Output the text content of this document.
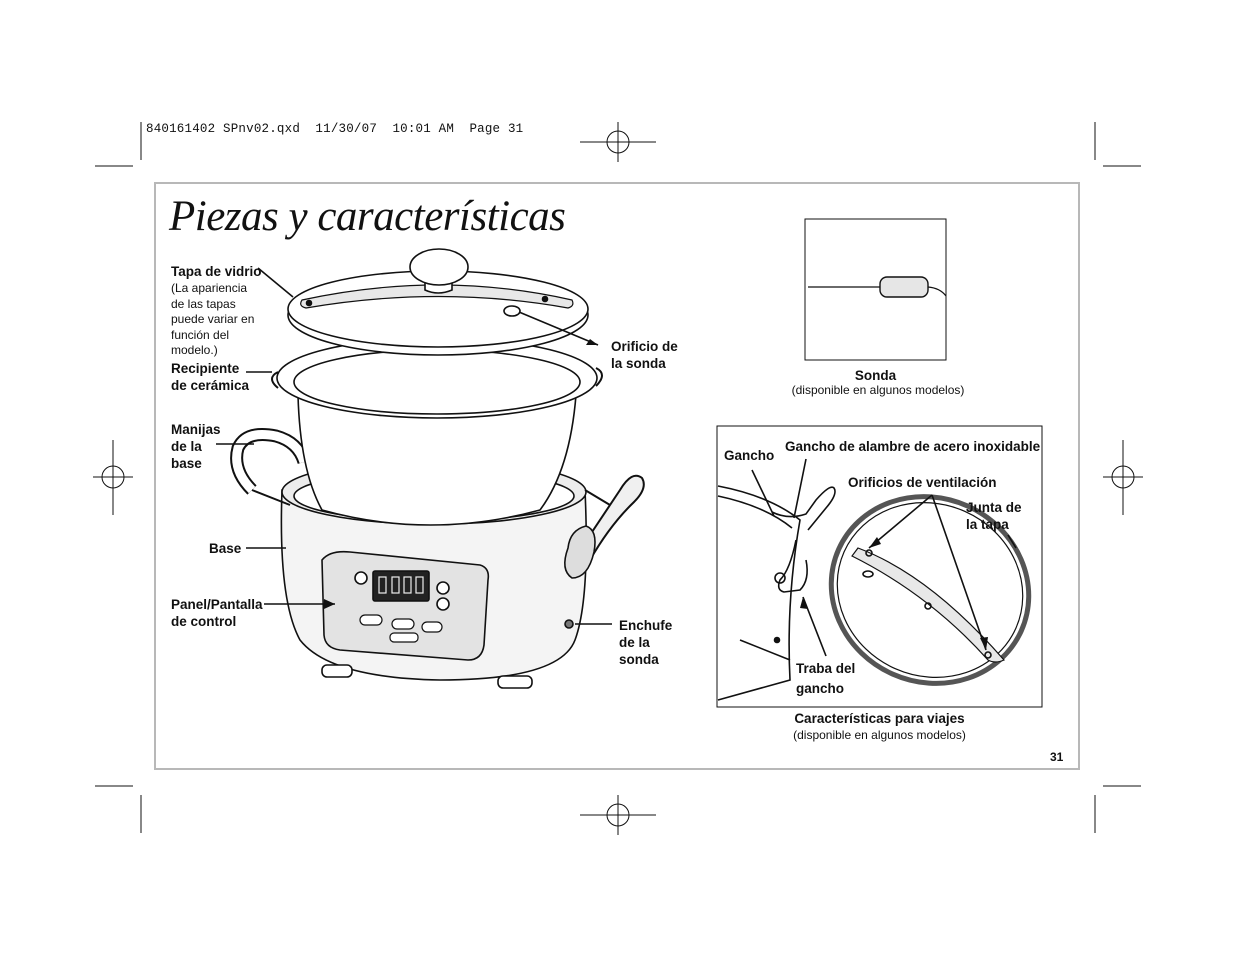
840161402 SPnv02.qxd  11/30/07  10:01 AM  Page 31
Piezas y características
Tapa de vidrio
(La apariencia de las tapas puede variar en función del modelo.)	Orificio de la sonda
Recipiente de cerámica
Manijas de la base
Base
Panel/Pantalla de control	Enchufe de la sonda
Sonda
(disponible en algunos modelos)
Gancho
Gancho de alambre de acero inoxidable
Orificios de ventilación
Junta de la tapa
Traba del gancho
Características para viajes
(disponible en algunos modelos)
31
